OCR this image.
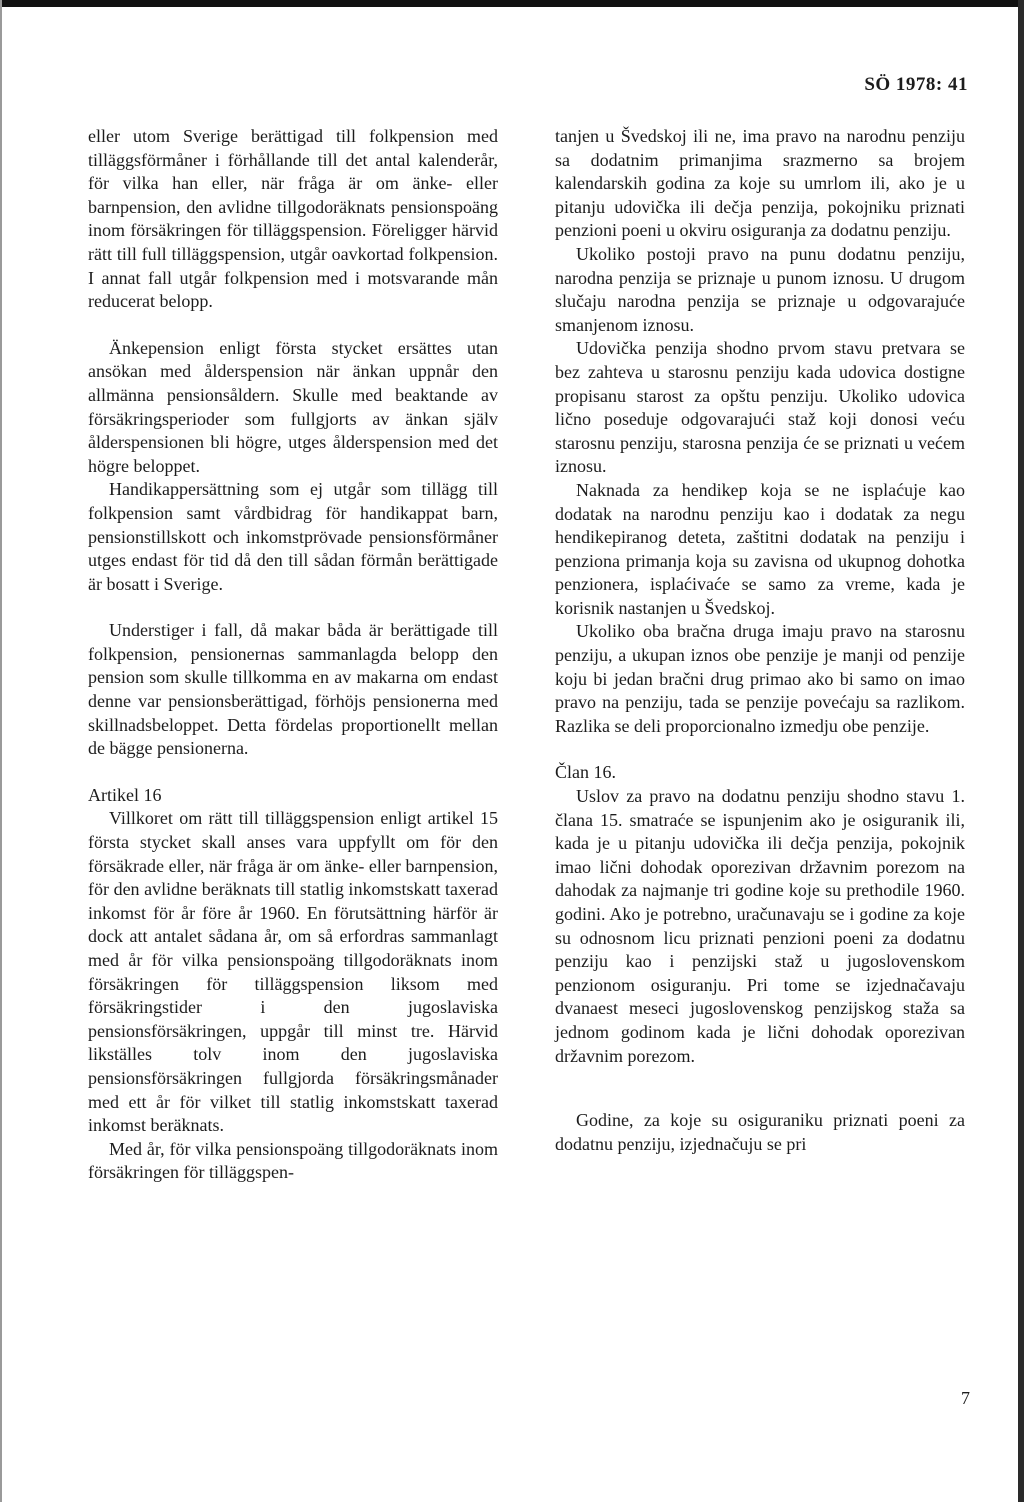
SÖ 1978: 41

eller utom Sverige berättigad till folkpension med tilläggsförmåner i förhållande till det antal kalenderår, för vilka han eller, när fråga är om änke- eller barnpension, den avlidne tillgodoräknats pensionspoäng inom försäkringen för tilläggspension. Föreligger härvid rätt till full tilläggspension, utgår oavkortad folkpension. I annat fall utgår folkpension med i motsvarande mån reducerat belopp.

Änkepension enligt första stycket ersättes utan ansökan med ålderspension när änkan uppnår den allmänna pensionsåldern. Skulle med beaktande av försäkringsperioder som fullgjorts av änkan själv ålderspensionen bli högre, utges ålderspension med det högre beloppet.

Handikappersättning som ej utgår som tillägg till folkpension samt vårdbidrag för handikappat barn, pensionstillskott och inkomstprövade pensionsförmåner utges endast för tid då den till sådan förmån berättigade är bosatt i Sverige.

Understiger i fall, då makar båda är berättigade till folkpension, pensionernas sammanlagda belopp den pension som skulle tillkomma en av makarna om endast denne var pensionsberättigad, förhöjs pensionerna med skillnadsbeloppet. Detta fördelas proportionellt mellan de bägge pensionerna.

Artikel 16

Villkoret om rätt till tilläggspension enligt artikel 15 första stycket skall anses vara uppfyllt om för den försäkrade eller, när fråga är om änke- eller barnpension, för den avlidne beräknats till statlig inkomstskatt taxerad inkomst för år före år 1960. En förutsättning härför är dock att antalet sådana år, om så erfordras sammanlagt med år för vilka pensionspoäng tillgodoräknats inom försäkringen för tilläggspension liksom med försäkringstider i den jugoslaviska pensionsförsäkringen, uppgår till minst tre. Härvid likställes tolv inom den jugoslaviska pensionsförsäkringen fullgjorda försäkringsmånader med ett år för vilket till statlig inkomstskatt taxerad inkomst beräknats.

Med år, för vilka pensionspoäng tillgodoräknats inom försäkringen för tilläggspen-

tanjen u Švedskoj ili ne, ima pravo na narodnu penziju sa dodatnim primanjima srazmerno sa brojem kalendarskih godina za koje su umrlom ili, ako je u pitanju udovička ili dečja penzija, pokojniku priznati penzioni poeni u okviru osiguranja za dodatnu penziju.

Ukoliko postoji pravo na punu dodatnu penziju, narodna penzija se priznaje u punom iznosu. U drugom slučaju narodna penzija se priznaje u odgovarajuće smanjenom iznosu.

Udovička penzija shodno prvom stavu pretvara se bez zahteva u starosnu penziju kada udovica dostigne propisanu starost za opštu penziju. Ukoliko udovica lično poseduje odgovarajući staž koji donosi veću starosnu penziju, starosna penzija će se priznati u većem iznosu.

Naknada za hendikep koja se ne isplaćuje kao dodatak na narodnu penziju kao i dodatak za negu hendikepiranog deteta, zaštitni dodatak na penziju i penziona primanja koja su zavisna od ukupnog dohotka penzionera, isplaćivaće se samo za vreme, kada je korisnik nastanjen u Švedskoj.

Ukoliko oba bračna druga imaju pravo na starosnu penziju, a ukupan iznos obe penzije je manji od penzije koju bi jedan bračni drug primao ako bi samo on imao pravo na penziju, tada se penzije povećaju sa razlikom. Razlika se deli proporcionalno izmedju obe penzije.

Član 16.

Uslov za pravo na dodatnu penziju shodno stavu 1. člana 15. smatraće se ispunjenim ako je osiguranik ili, kada je u pitanju udovička ili dečja penzija, pokojnik imao lični dohodak oporezivan državnim porezom na dahodak za najmanje tri godine koje su prethodile 1960. godini. Ako je potrebno, uračunavaju se i godine za koje su odnosnom licu priznati penzioni poeni za dodatnu penziju kao i penzijski staž u jugoslovenskom penzionom osiguranju. Pri tome se izjednačavaju dvanaest meseci jugoslovenskog penzijskog staža sa jednom godinom kada je lični dohodak oporezivan državnim porezom.

Godine, za koje su osiguraniku priznati poeni za dodatnu penziju, izjednačuju se pri

7
